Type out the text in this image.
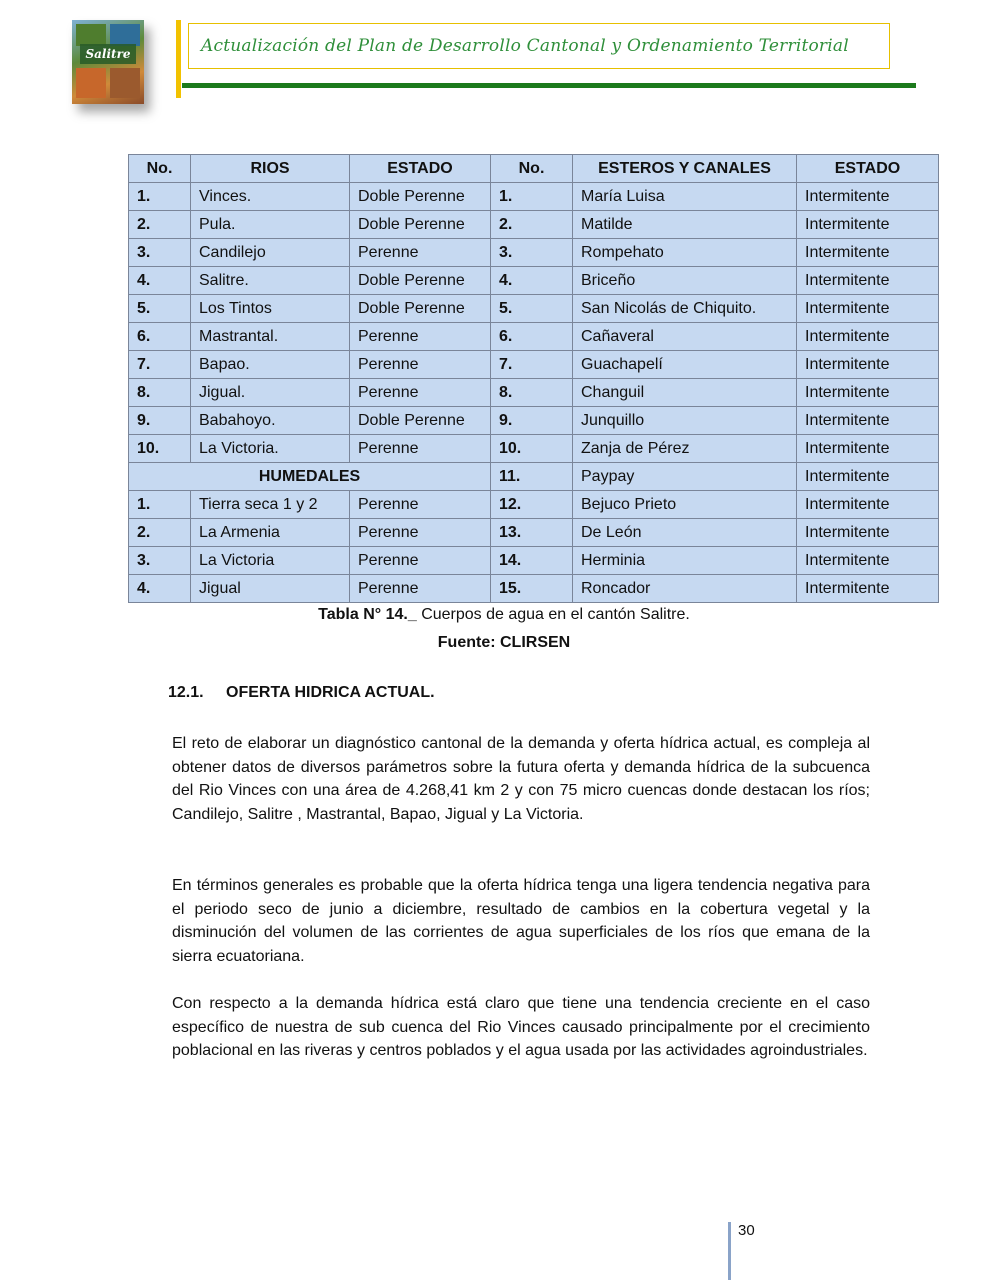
Salitre	Actualización del Plan de Desarrollo Cantonal y Ordenamiento Territorial
No.	RIOS	ESTADO	No.	ESTEROS Y CANALES	ESTADO
1.	Vinces.	Doble Perenne	1.	María Luisa	Intermitente
2.	Pula.	Doble Perenne	2.	Matilde	Intermitente
3.	Candilejo	Perenne	3.	Rompehato	Intermitente
4.	Salitre.	Doble Perenne	4.	Briceño	Intermitente
5.	Los Tintos	Doble Perenne	5.	San Nicolás de Chiquito.	Intermitente
6.	Mastrantal.	Perenne	6.	Cañaveral	Intermitente
7.	Bapao.	Perenne	7.	Guachapelí	Intermitente
8.	Jigual.	Perenne	8.	Changuil	Intermitente
9.	Babahoyo.	Doble Perenne	9.	Junquillo	Intermitente
10.	La Victoria.	Perenne	10.	Zanja de Pérez	Intermitente
HUMEDALES			11.	Paypay	Intermitente
1.	Tierra seca 1 y 2	Perenne	12.	Bejuco Prieto	Intermitente
2.	La Armenia	Perenne	13.	De León	Intermitente
3.	La Victoria	Perenne	14.	Herminia	Intermitente
4.	Jigual	Perenne	15.	Roncador	Intermitente
Tabla N° 14._ Cuerpos de agua en el cantón Salitre.
Fuente: CLIRSEN
12.1. OFERTA HIDRICA ACTUAL.

El reto de elaborar un diagnóstico cantonal de la demanda y oferta hídrica actual, es compleja al obtener datos de diversos parámetros sobre la futura oferta y demanda hídrica de la subcuenca del Rio Vinces con una área de 4.268,41 km 2 y con 75 micro cuencas donde destacan los ríos; Candilejo, Salitre , Mastrantal, Bapao, Jigual y La Victoria.

En términos generales es probable que la oferta hídrica tenga una ligera tendencia negativa para el periodo seco de junio a diciembre, resultado de cambios en la cobertura vegetal y la disminución del volumen de las corrientes de agua superficiales de los ríos que emana de la sierra ecuatoriana.

Con respecto a la demanda hídrica está claro que tiene una tendencia creciente en el caso específico de nuestra de sub cuenca del Rio Vinces causado principalmente por el crecimiento poblacional en las riveras y centros poblados y el agua usada por las actividades agroindustriales.

30
